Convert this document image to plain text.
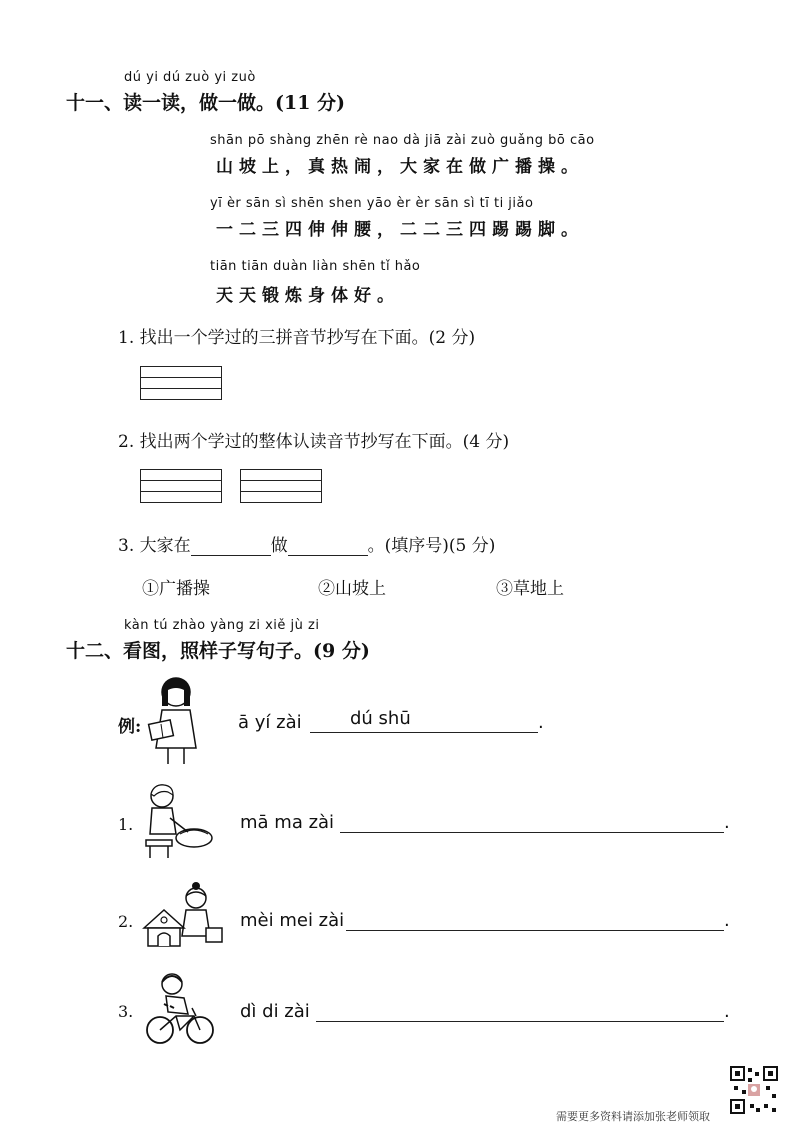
dú yi dú zuò yi zuò
十一、读一读，做一做。(11 分)
shān pō shàng zhēn rè nao dà jiā zài zuò guǎng bō cāo
山坡上，真热闹，大家在做广播操。
yī èr sān sì shēn shen yāo èr èr sān sì tī ti jiǎo
一二三四伸伸腰，二二三四踢踢脚。
tiān tiān duàn liàn shēn tǐ hǎo
天天锻炼身体好。
1. 找出一个学过的三拼音节抄写在下面。(2 分)
2. 找出两个学过的整体认读音节抄写在下面。(4 分)
3. 大家在	做	。(填序号)(5 分)
①广播操	②山坡上	③草地上
kàn tú zhào yàng zi xiě jù zi
十二、看图，照样子写句子。(9 分)
例:	ā yí zài	dú shū	.
1.	mā ma zài	.
2.	mèi mei zài	.
3.	dì di zài	.
需要更多资料请添加张老师领取
